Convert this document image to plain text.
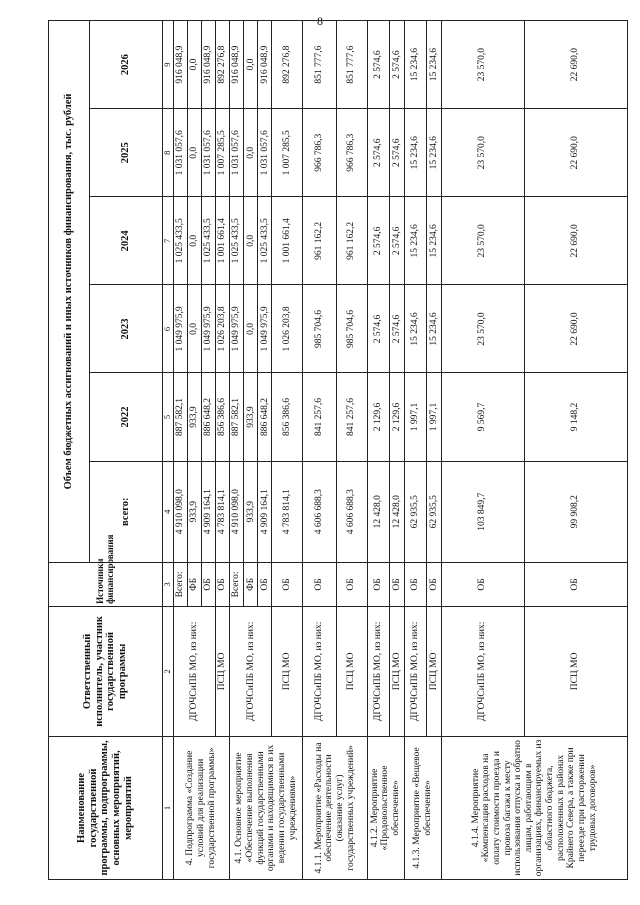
8
Наименование государственной программы, подпрограммы, основных мероприятий, мероприятий	Ответственный исполнитель, участник государственной программы	Источники финансирования	Объем бюджетных ассигнований и иных источников финансирования, тыс. рублей					
			всего:	2022	2023	2024	2025	2026
1	2	3	4	5	6	7	8	9
4. Подпрограмма «Создание условий для реализации государственной программы»	ДГОЧСиПБ МО, из них:	Всего:	4 910 098,0	887 582,1	1 049 975,9	1 025 433,5	1 031 057,6	916 048,9
		ФБ	933,9	933,9	0,0	0,0	0,0	0,0
		ОБ	4 909 164,1	886 648,2	1 049 975,9	1 025 433,5	1 031 057,6	916 048,9
	ПСЦ МО	ОБ	4 783 814,1	856 386,6	1 026 203,8	1 001 661,4	1 007 285,5	892 276,8
4.1. Основное мероприятие «Обеспечение выполнения функций государственными органами и находящимися в их ведении государственными учреждениями»	ДГОЧСиПБ МО, из них:	Всего:	4 910 098,0	887 582,1	1 049 975,9	1 025 433,5	1 031 057,6	916 048,9
		ФБ	933,9	933,9	0,0	0,0	0,0	0,0
		ОБ	4 909 164,1	886 648,2	1 049 975,9	1 025 433,5	1 031 057,6	916 048,9
	ПСЦ МО	ОБ	4 783 814,1	856 386,6	1 026 203,8	1 001 661,4	1 007 285,5	892 276,8
4.1.1. Мероприятие «Расходы на обеспечение деятельности (оказание услуг) государственных учреждений»	ДГОЧСиПБ МО, из них:	ОБ	4 606 688,3	841 257,6	985 704,6	961 162,2	966 786,3	851 777,6
	ПСЦ МО	ОБ	4 606 688,3	841 257,6	985 704,6	961 162,2	966 786,3	851 777,6
4.1.2. Мероприятие «Продовольственное обеспечение»	ДГОЧСиПБ МО, из них:	ОБ	12 428,0	2 129,6	2 574,6	2 574,6	2 574,6	2 574,6
	ПСЦ МО	ОБ	12 428,0	2 129,6	2 574,6	2 574,6	2 574,6	2 574,6
4.1.3. Мероприятие «Вещевое обеспечение»	ДГОЧСиПБ МО, из них:	ОБ	62 935,5	1 997,1	15 234,6	15 234,6	15 234,6	15 234,6
	ПСЦ МО	ОБ	62 935,5	1 997,1	15 234,6	15 234,6	15 234,6	15 234,6
4.1.4. Мероприятие «Компенсация расходов на оплату стоимости проезда и провоза багажа к месту использования отпуска и обратно лицам, работающим в организациях, финансируемых из областного бюджета, расположенных в районах Крайнего Севера, а также при переезде при расторжении трудовых договоров»	ДГОЧСиПБ МО, из них:	ОБ	103 849,7	9 569,7	23 570,0	23 570,0	23 570,0	23 570,0
	ПСЦ МО	ОБ	99 908,2	9 148,2	22 690,0	22 690,0	22 690,0	22 690,0
